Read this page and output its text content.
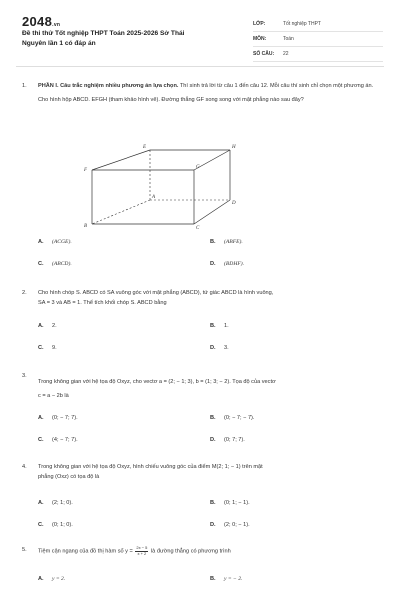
2048.vn
Đề thi thử Tốt nghiệp THPT Toán 2025-2026 Sở Thái Nguyên lần 1 có đáp án
LỚP:	Tốt nghiệp THPT
MÔN:	Toán
SỐ CÂU:	22
1.	PHẦN I. Câu trắc nghiệm nhiều phương án lựa chọn. Thí sinh trả lời từ câu 1 đến câu 12. Mỗi câu thí sinh chỉ chọn một phương án.
Cho hình hộp ABCD. EFGH (tham khảo hình vẽ). Đường thẳng GF song song với mặt phẳng nào sau đây?
E	H
F
G
A
D
B	C
A. (ACGE).	B. (ABFE).
C. (ABCD).	D. (BDHF).
2.	Cho hình chóp S. ABCD có SA vuông góc với mặt phẳng (ABCD), tứ giác ABCD là hình vuông,
SA = 3 và AB = 1. Thể tích khối chóp S. ABCD bằng
A. 2.	B. 1.
C. 9.	D. 3.
3.
Trong không gian với hệ tọa độ Oxyz, cho vectơ a = (2; − 1; 3), b = (1; 3; − 2). Tọa độ của vectơ
c = a − 2b là
A. (0; − 7; 7).	B. (0; − 7; − 7).
C. (4; − 7; 7).	D. (0; 7; 7).
4.	Trong không gian với hệ tọa độ Oxyz, hình chiếu vuông góc của điểm M(2; 1; − 1) trên mặt
phẳng (Oxz) có tọa độ là
A. (2; 1; 0).	B. (0; 1; − 1).
C. (0; 1; 0).	D. (2; 0; − 1).
5.	Tiệm cận ngang của đồ thị hàm số $y = \frac{2x - 5}{x + 2}$ là đường thẳng có phương trình
A. y = 2.	B. y = − 2.
